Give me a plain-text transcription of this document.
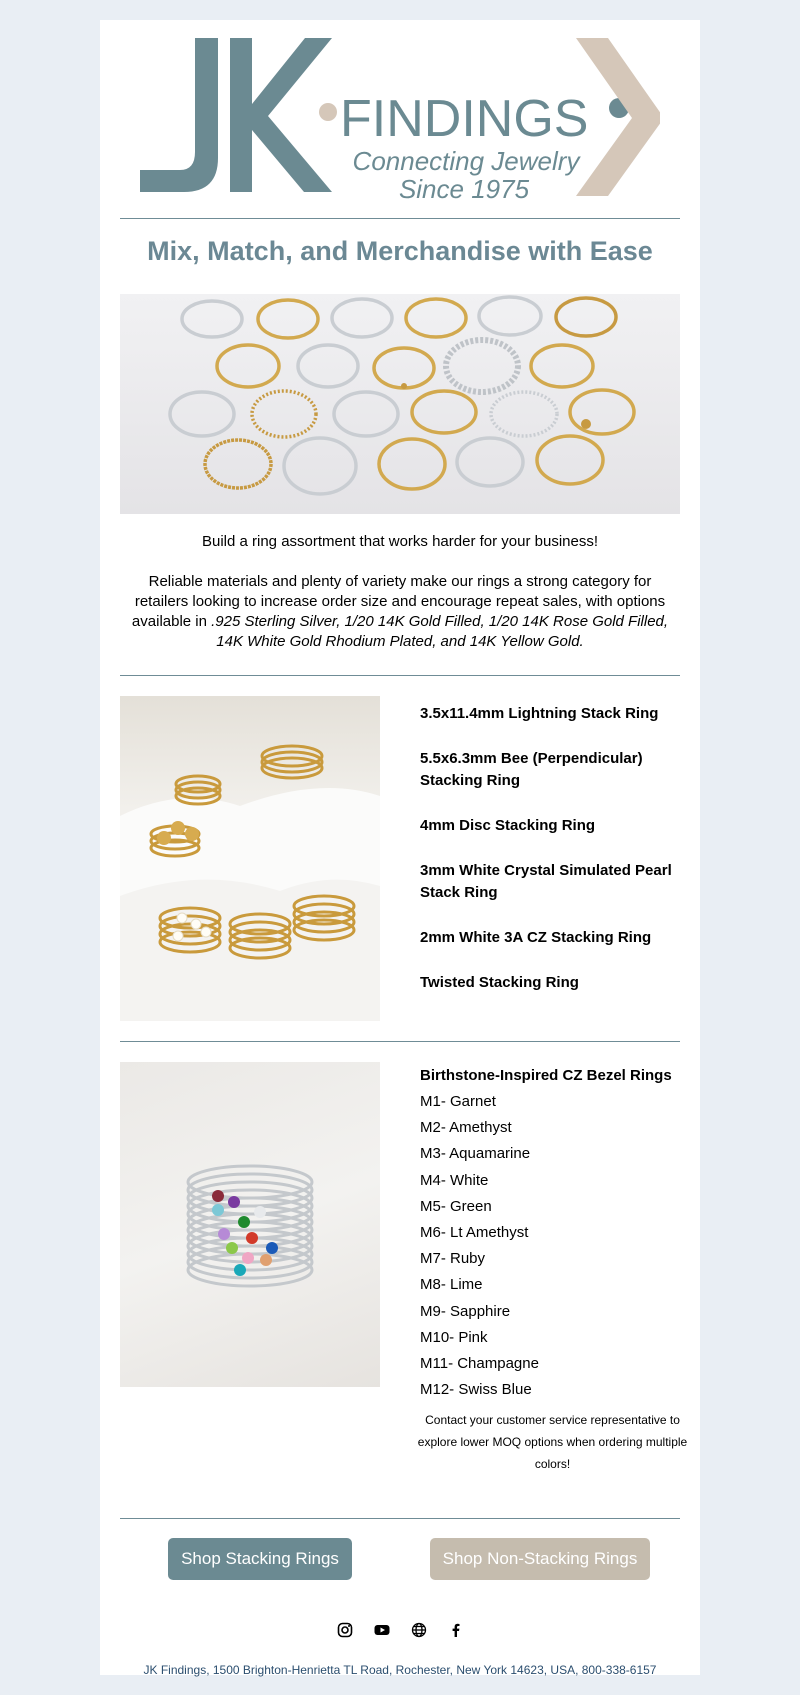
FINDINGS
Connecting Jewelry
Since 1975
Mix, Match, and Merchandise with Ease

Build a ring assortment that works harder for your business!

Reliable materials and plenty of variety make our rings a strong category for retailers looking to increase order size and encourage repeat sales, with options available in .925 Sterling Silver, 1/20 14K Gold Filled, 1/20 14K Rose Gold Filled, 14K White Gold Rhodium Plated, and 14K Yellow Gold.

3.5x11.4mm Lightning Stack Ring
5.5x6.3mm Bee (Perpendicular) Stacking Ring
4mm Disc Stacking Ring
3mm White Crystal Simulated Pearl Stack Ring
2mm White 3A CZ Stacking Ring
Twisted Stacking Ring
Birthstone-Inspired CZ Bezel Rings
M1- Garnet
M2- Amethyst
M3- Aquamarine
M4- White
M5- Green
M6- Lt Amethyst
M7- Ruby
M8- Lime
M9- Sapphire
M10- Pink
M11- Champagne
M12- Swiss Blue
Contact your customer service representative to explore lower MOQ options when ordering multiple colors!
Shop Stacking Rings	Shop Non-Stacking Rings
JK Findings, 1500 Brighton-Henrietta TL Road, Rochester, New York 14623, USA, 800-338-6157
